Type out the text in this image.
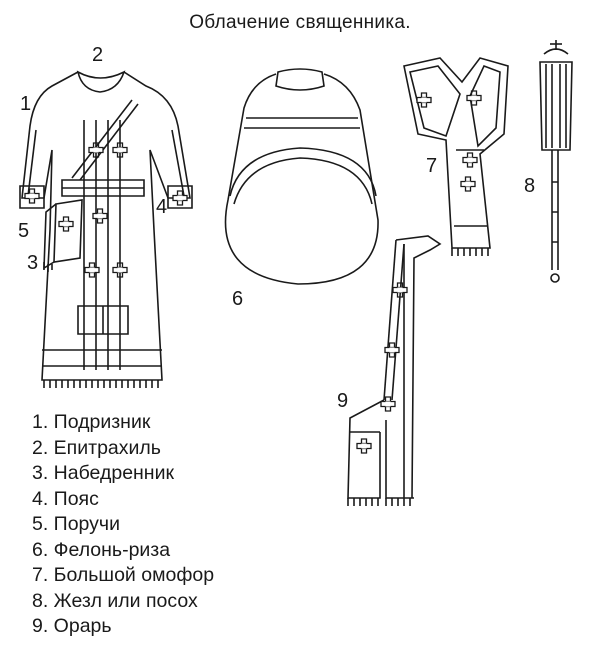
Облачение священника.
1
2
3
4
5
6
7
8
9
1. Подризник
2. Епитрахиль
3. Набедренник
4. Пояс
5. Поручи
6. Фелонь-риза
7. Большой омофор
8. Жезл или посох
9. Орарь
